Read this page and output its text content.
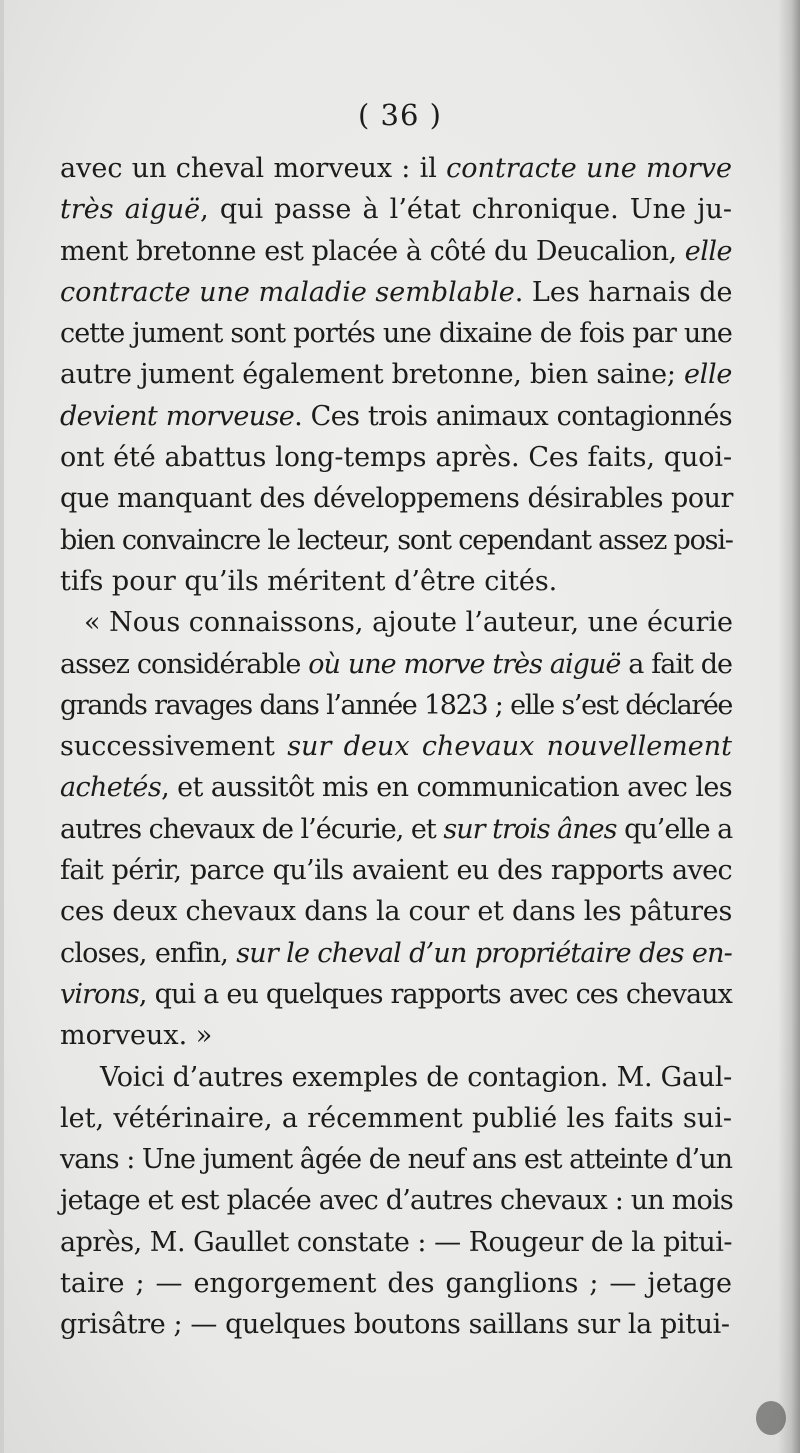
( 36 )
avec un cheval morveux : il contracte une morve
très aiguë, qui passe à l’état chronique. Une ju-
ment bretonne est placée à côté du Deucalion, elle
contracte une maladie semblable. Les harnais de
cette jument sont portés une dixaine de fois par une
autre jument également bretonne, bien saine; elle
devient morveuse. Ces trois animaux contagionnés
ont été abattus long-temps après. Ces faits, quoi-
que manquant des développemens désirables pour
bien convaincre le lecteur, sont cependant assez posi-
tifs pour qu’ils méritent d’être cités.
« Nous connaissons, ajoute l’auteur, une écurie
assez considérable où une morve très aiguë a fait de
grands ravages dans l’année 1823 ; elle s’est déclarée
successivement sur deux chevaux nouvellement
achetés, et aussitôt mis en communication avec les
autres chevaux de l’écurie, et sur trois ânes qu’elle a
fait périr, parce qu’ils avaient eu des rapports avec
ces deux chevaux dans la cour et dans les pâtures
closes, enfin, sur le cheval d’un propriétaire des en-
virons, qui a eu quelques rapports avec ces chevaux
morveux. »
Voici d’autres exemples de contagion. M. Gaul-
let, vétérinaire, a récemment publié les faits sui-
vans : Une jument âgée de neuf ans est atteinte d’un
jetage et est placée avec d’autres chevaux : un mois
après, M. Gaullet constate : — Rougeur de la pitui-
taire ; — engorgement des ganglions ; — jetage
grisâtre ; — quelques boutons saillans sur la pitui-
